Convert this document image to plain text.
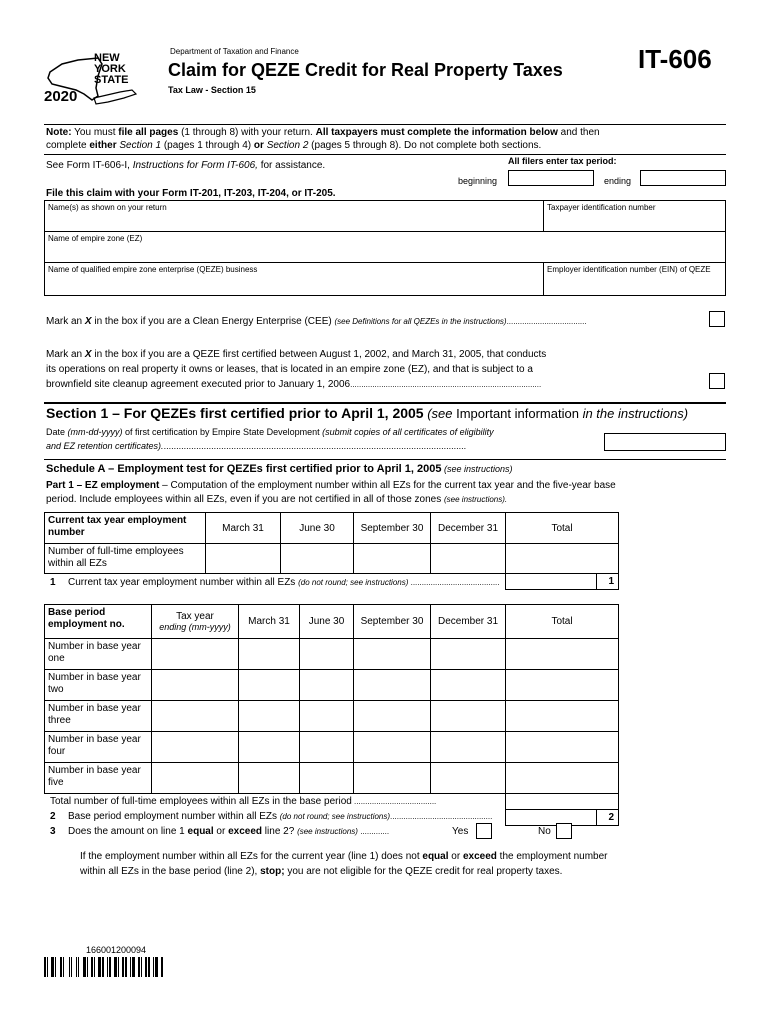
NEW
YORK
STATE
2020
Department of Taxation and Finance
Claim for QEZE Credit for Real Property Taxes
Tax Law - Section 15
IT-606
Note: You must file all pages (1 through 8) with your return. All taxpayers must complete the information below and then
complete either Section 1 (pages 1 through 4) or Section 2 (pages 5 through 8). Do not complete both sections.
See Form IT-606-I, Instructions for Form IT-606, for assistance.	All filers enter tax period:
beginning	ending
File this claim with your Form IT-201, IT-203, IT-204, or IT-205.
Name(s) as shown on your return	Taxpayer identification number
Name of empire zone (EZ)
Name of qualified empire zone enterprise (QEZE) business	Employer identification number (EIN) of QEZE
Mark an X in the box if you are a Clean Energy Enterprise (CEE) (see Definitions for all QEZEs in the instructions)....................................
Mark an X in the box if you are a QEZE first certified between August 1, 2002, and March 31, 2005, that conducts
its operations on real property it owns or leases, that is located in an empire zone (EZ), and that is subject to a
brownfield site cleanup agreement executed prior to January 1, 2006......................................................................................
Section 1 – For QEZEs first certified prior to April 1, 2005 (see Important information in the instructions)
Date (mm-dd-yyyy) of first certification by Empire State Development (submit copies of all certificates of eligibility
and EZ retention certificates)..........................................................................................................................
Schedule A – Employment test for QEZEs first certified prior to April 1, 2005 (see instructions)
Part 1 – EZ employment – Computation of the employment number within all EZs for the current tax year and the five-year base
period. Include employees within all EZs, even if you are not certified in all of those zones (see instructions).
Current tax year employment number	March 31	June 30	September 30	December 31	Total
Number of full-time employees within all EZs
1 Current tax year employment number within all EZs (do not round; see instructions) ........................................	1
Base period employment no.
Tax year
ending (mm-yyyy)	March 31	June 30	September 30	December 31	Total
Number in base year one
Number in base year two
Number in base year three
Number in base year four
Number in base year five
Total number of full-time employees within all EZs in the base period .....................................
2 Base period employment number within all EZs (do not round; see instructions)..............................................	2
3 Does the amount on line 1 equal or exceed line 2? (see instructions) .............	Yes	No
If the employment number within all EZs for the current year (line 1) does not equal or exceed the employment number
within all EZs in the base period (line 2), stop; you are not eligible for the QEZE credit for real property taxes.
166001200094
